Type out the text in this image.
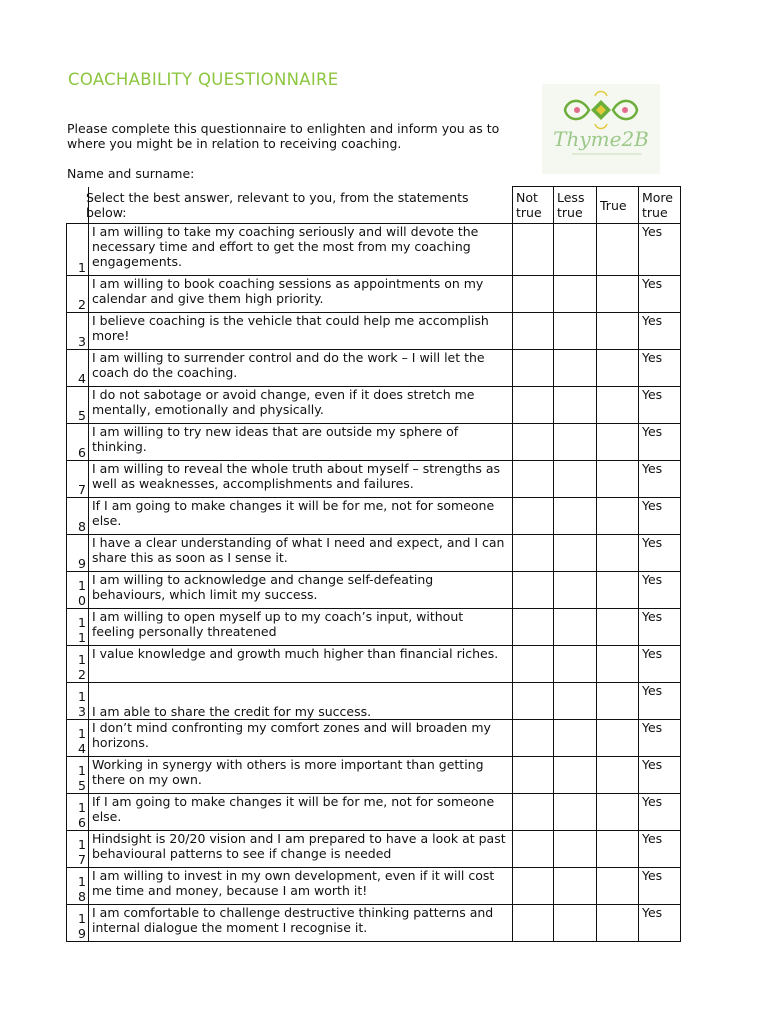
COACHABILITY QUESTIONNAIRE
Please complete this questionnaire to enlighten and inform you as to where you might be in relation to receiving coaching.
Name and surname:
Thyme2B

	Select the best answer, relevant to you, from the statements below:	Not true	Less true	True	More true

1	I am willing to take my coaching seriously and will devote the necessary time and effort to get the most from my coaching engagements.				Yes

2	I am willing to book coaching sessions as appointments on my calendar and give them high priority.				Yes

3	I believe coaching is the vehicle that could help me accomplish more!				Yes

4	I am willing to surrender control and do the work – I will let the coach do the coaching.				Yes

5	I do not sabotage or avoid change, even if it does stretch me mentally, emotionally and physically.				Yes

6	I am willing to try new ideas that are outside my sphere of thinking.				Yes

7	I am willing to reveal the whole truth about myself – strengths as well as weaknesses, accomplishments and failures.				Yes

8	If I am going to make changes it will be for me, not for someone else.				Yes

9	I have a clear understanding of what I need and expect, and I can share this as soon as I sense it.				Yes

10	I am willing to acknowledge and change self-defeating behaviours, which limit my success.				Yes

11	I am willing to open myself up to my coach’s input, without feeling personally threatened				Yes

12	I value knowledge and growth much higher than financial riches.				Yes

13	I am able to share the credit for my success.				Yes

14	I don’t mind confronting my comfort zones and will broaden my horizons.				Yes

15	Working in synergy with others is more important than getting there on my own.				Yes

16	If I am going to make changes it will be for me, not for someone else.				Yes

17	Hindsight is 20/20 vision and I am prepared to have a look at past behavioural patterns to see if change is needed				Yes

18	I am willing to invest in my own development, even if it will cost me time and money, because I am worth it!				Yes

19	I am comfortable to challenge destructive thinking patterns and internal dialogue the moment I recognise it.				Yes
